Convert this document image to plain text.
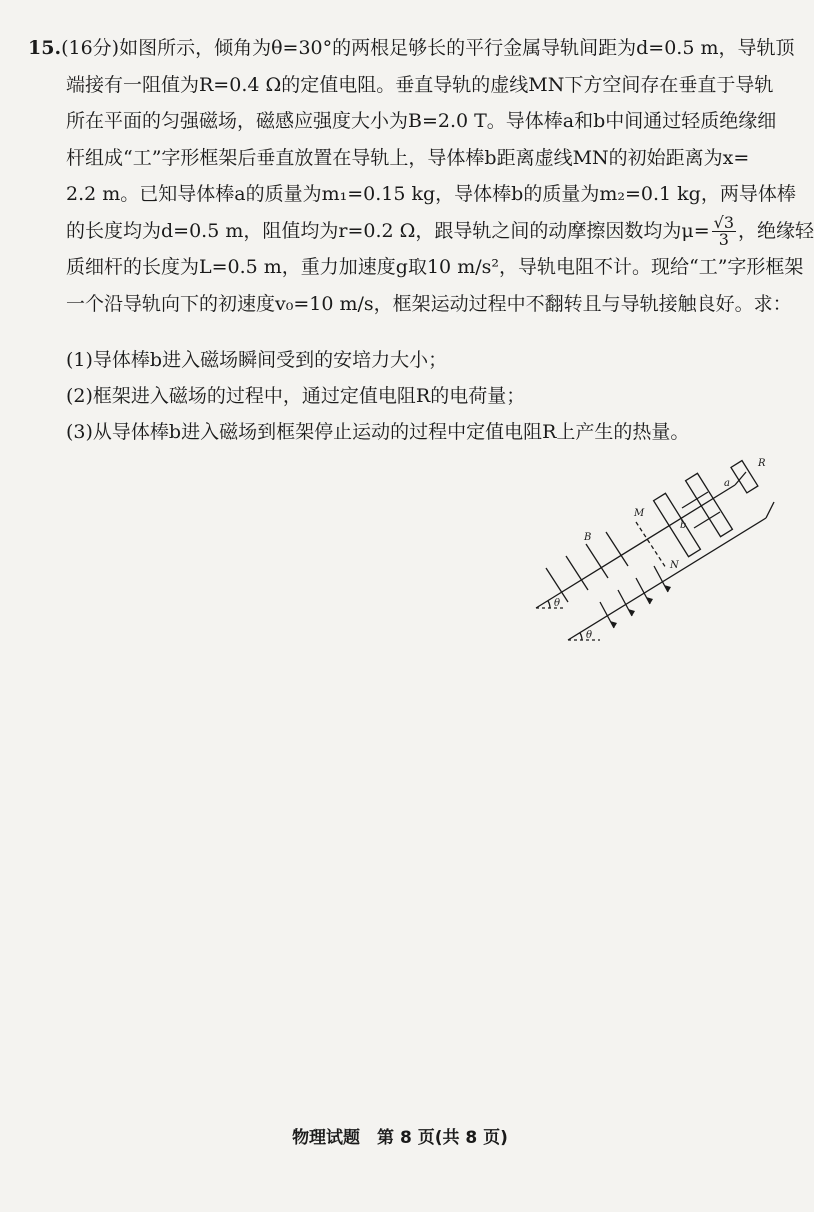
15.(16分)如图所示，倾角为θ=30°的两根足够长的平行金属导轨间距为d=0.5 m，导轨顶
端接有一阻值为R=0.4 Ω的定值电阻。垂直导轨的虚线MN下方空间存在垂直于导轨
所在平面的匀强磁场，磁感应强度大小为B=2.0 T。导体棒a和b中间通过轻质绝缘细
杆组成“工”字形框架后垂直放置在导轨上，导体棒b距离虚线MN的初始距离为x=
2.2 m。已知导体棒a的质量为m₁=0.15 kg，导体棒b的质量为m₂=0.1 kg，两导体棒
的长度均为d=0.5 m，阻值均为r=0.2 Ω，跟导轨之间的动摩擦因数均为$\mu= \frac{√3}{3}$ ，绝缘轻
质细杆的长度为L=0.5 m，重力加速度g取10 m/s²，导轨电阻不计。现给“工”字形框架
一个沿导轨向下的初速度v₀=10 m/s，框架运动过程中不翻转且与导轨接触良好。求：
(1)导体棒b进入磁场瞬间受到的安培力大小；
(2)框架进入磁场的过程中，通过定值电阻R的电荷量；
(3)从导体棒b进入磁场到框架停止运动的过程中定值电阻R上产生的热量。
R
a
b
M
N
B
θ
θ
物理试题　第 8 页(共 8 页)
